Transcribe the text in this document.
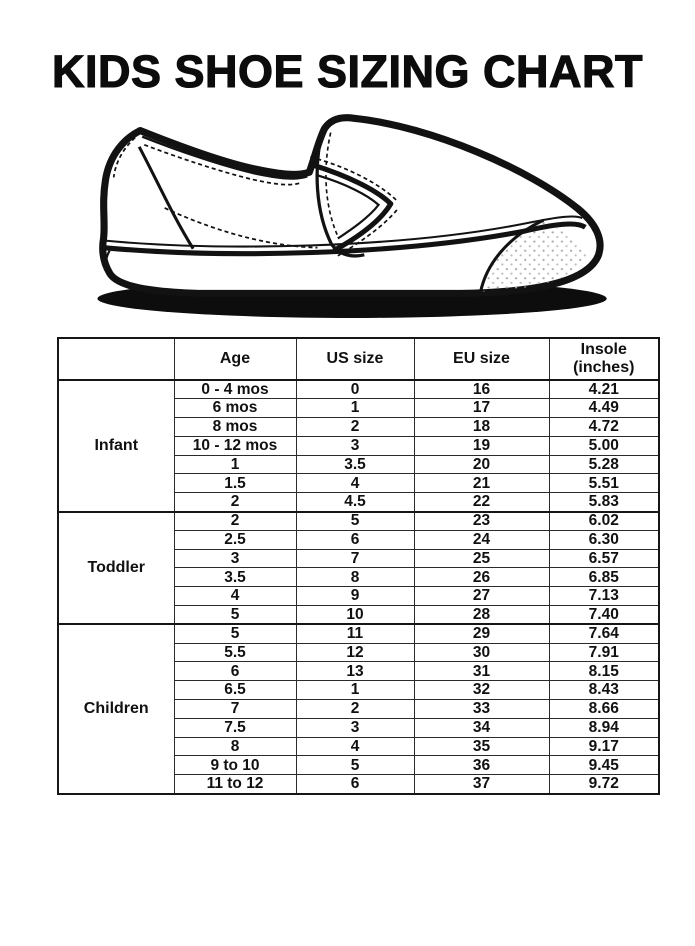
KIDS SHOE SIZING CHART
	Age	US size	EU size	Insole (inches)
Infant	0 - 4 mos	0	16	4.21
	6 mos	1	17	4.49
	8 mos	2	18	4.72
	10 - 12 mos	3	19	5.00
	1	3.5	20	5.28
	1.5	4	21	5.51
	2	4.5	22	5.83
Toddler	2	5	23	6.02
	2.5	6	24	6.30
	3	7	25	6.57
	3.5	8	26	6.85
	4	9	27	7.13
	5	10	28	7.40
Children	5	11	29	7.64
	5.5	12	30	7.91
	6	13	31	8.15
	6.5	1	32	8.43
	7	2	33	8.66
	7.5	3	34	8.94
	8	4	35	9.17
	9 to 10	5	36	9.45
	11 to 12	6	37	9.72
